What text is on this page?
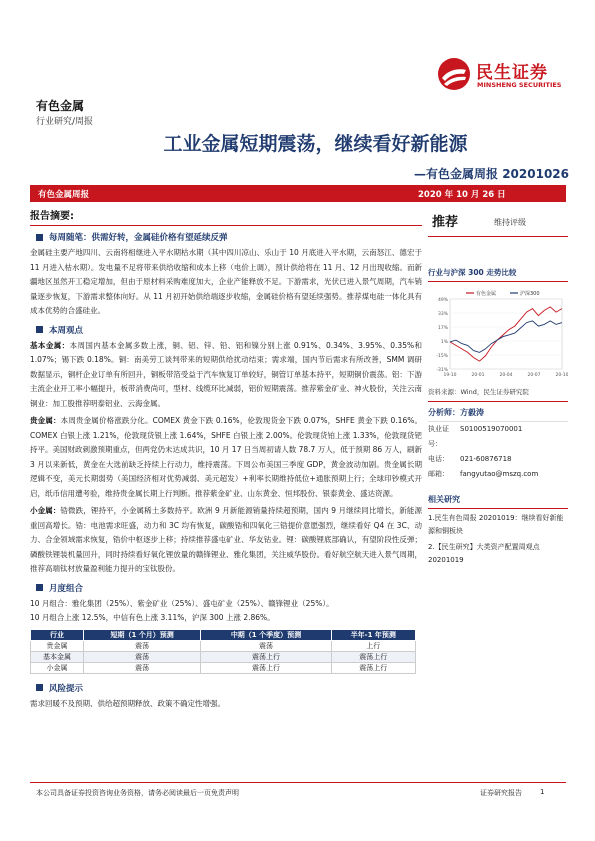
民生证券
MINSHENG SECURITIES
有色金属
行业研究/周报
工业金属短期震荡，继续看好新能源
—有色金属周报 20201026
有色金属周报	2020 年 10 月 26 日
报告摘要:
每周随笔：供需好转，金属硅价格有望延续反弹

金属硅主要产地四川、云南将相继进入平水期枯水期（其中四川凉山、乐山于 10 月底进入平水期，云南怒江、德宏于 11 月进入枯水期）。发电量不足将带来供给收缩和成本上移（电价上调），预计供给将在 11 月、12 月出现收缩。而新疆地区虽然开工稳定增加，但由于原材料采购难度加大，企业产能释放不足。下游需求，光伏已进入景气周期，汽车销量逐步恢复，下游需求整体向好。从 11 月初开始供给端逐步收缩，金属硅价格有望延续强势。推荐煤电硅一体化具有成本优势的合盛硅业。

本周观点

基本金属：本周国内基本金属多数上涨，铜、铝、锌、铅、铝和镍分别上涨 0.91%、0.34%、3.95%、0.35%和 1.07%；锡下跌 0.18%。铜：南美劳工谈判带来的短期供给扰动结束；需求端，国内节后需求有所改善，SMM 调研数据显示，铜杆企业订单有所回升，铜板带箔受益于汽车恢复订单较好，铜管订单基本持平，短期铜价震荡。铝：下游主流企业开工率小幅提升，板带消费尚可，型材、线缆环比减弱，铝价短期震荡。推荐紫金矿业、神火股份，关注云南铜业：加工股推荐明泰铝业、云海金属。

贵金属：本周贵金属价格涨跌分化。COMEX 黄金下跌 0.16%，伦敦现货金下跌 0.07%，SHFE 黄金下跌 0.16%。COMEX 白银上涨 1.21%，伦敦现货银上涨 1.64%，SHFE 白银上涨 2.00%。伦敦现货铂上涨 1.33%，伦敦现货钯持平。美国财政刺激预期重点，但两党仍未达成共识，10 月 17 日当周初请人数 78.7 万人，低于预期 86 万人，刷新 3 月以来新低，黄金在大选前缺乏持续上行动力，维持震荡。下周公布美国三季度 GDP，黄金波动加剧。贵金属长期逻辑不变，美元长期弱势（美国经济相对优势减弱、美元超发）+利率长期维持低位+通胀预期上行；全球印钞模式开启，纸币信用遭考验，维持贵金属长期上行判断。推荐紫金矿业、山东黄金、恒邦股份、银泰黄金、盛达资源。

小金属：锆微跌，锂持平，小金属稀土多数持平。欧洲 9 月新能源销量持续超预期，国内 9 月继续同比增长，新能源重回高增长。锆：电池需求旺盛，动力和 3C 均有恢复，碳酸锆和四氧化三锆提价意愿强烈，继续看好 Q4 在 3C、动力、合金领域需求恢复，锆价中枢逐步上移；持续推荐盛屯矿业、华友钴业。锂：碳酸锂底部确认，有望阶段性反弹；磷酸铁锂装机量回升，同时持续看好氧化锂放量的赣锋锂业、雅化集团，关注威华股份。看好航空航天进入景气周期，推荐高端钛材放量盈利能力提升的宝钛股份。

月度组合

10 月组合：雅化集团（25%）、紫金矿业（25%）、盛屯矿业（25%）、赣锋锂业（25%）。

10 月组合上涨 12.5%，中信有色上涨 3.11%，沪深 300 上涨 2.86%。

行业	短期（1 个月）预测	中期（1 个季度）预测	半年-1 年预测
贵金属	震荡	震荡	上行
基本金属	震荡	震荡上行	震荡上行
小金属	震荡	震荡上行	震荡上行
风险提示

需求回暖不及预期、供给超预期释放、政策不确定性增强。

推荐	维持评级
行业与沪深 300 走势比较
49%
33%
17%
1%
-15%
-31%
19-10	20-01	20-04	20-07	20-10
有色金属	沪深300
资料来源：Wind，民生证券研究院
分析师：方毅涛
执业证号：
S0100519070001
电话：	021-60876718
邮箱：	fangyutao@mszq.com
相关研究
1.民生有色周报 20201019：继续看好新能源和铜板块
2.【民生研究】大类资产配置周观点 20201019
本公司具备证券投资咨询业务资格，请务必阅读最后一页免责声明	证券研究报告	1
